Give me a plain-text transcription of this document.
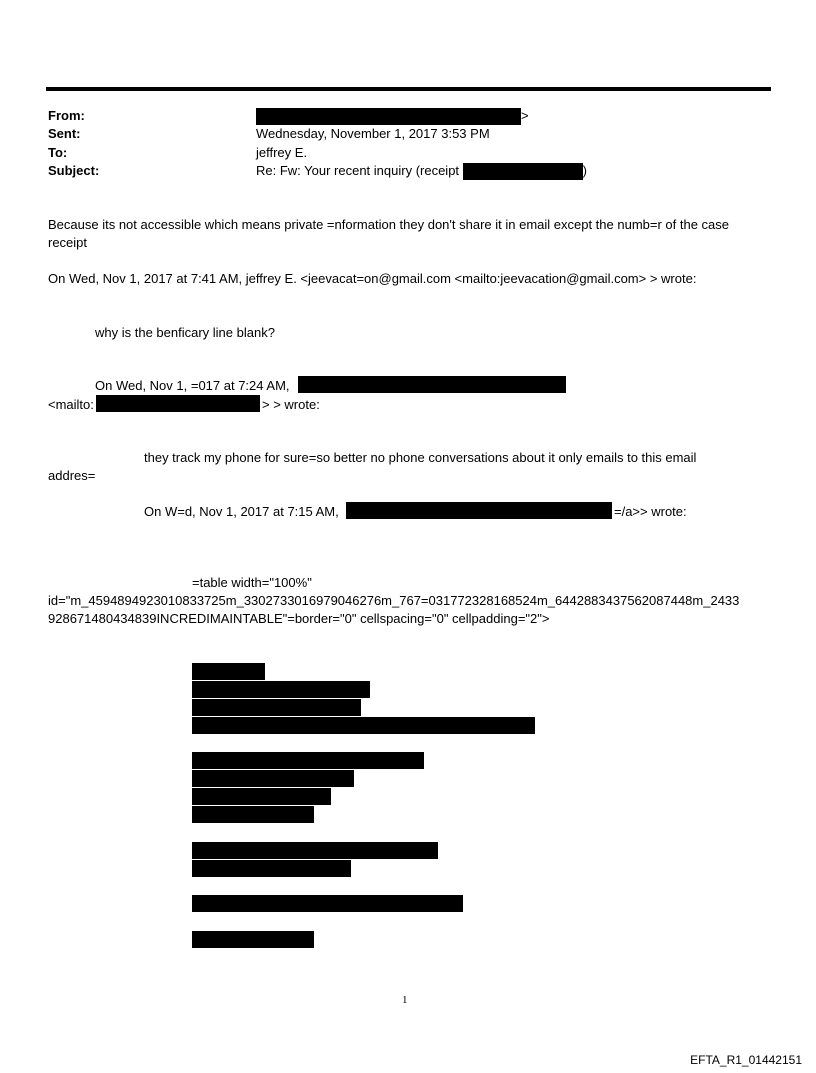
From:	>
Sent:	Wednesday, November 1, 2017 3:53 PM
To:	jeffrey E.
Subject:	Re: Fw: Your recent inquiry (receipt	)
Because its not accessible which means private =nformation they don't share it in email except the numb=r of the case
receipt
On Wed, Nov 1, 2017 at 7:41 AM, jeffrey E. <jeevacat=on@gmail.com <mailto:jeevacation@gmail.com> > wrote:
why is the benficary line blank?
On Wed, Nov 1, =017 at 7:24 AM,
<mailto:	> > wrote:
they track my phone for sure=so better no phone conversations about it only emails to this email
addres=
On W=d, Nov 1, 2017 at 7:15 AM,	=/a>> wrote:
=table width="100%"
id="m_4594894923010833725m_3302733016979046276m_767=031772328168524m_6442883437562087448m_2433
928671480434839INCREDIMAINTABLE"=border="0" cellspacing="0" cellpadding="2">
1
EFTA_R1_01442151
